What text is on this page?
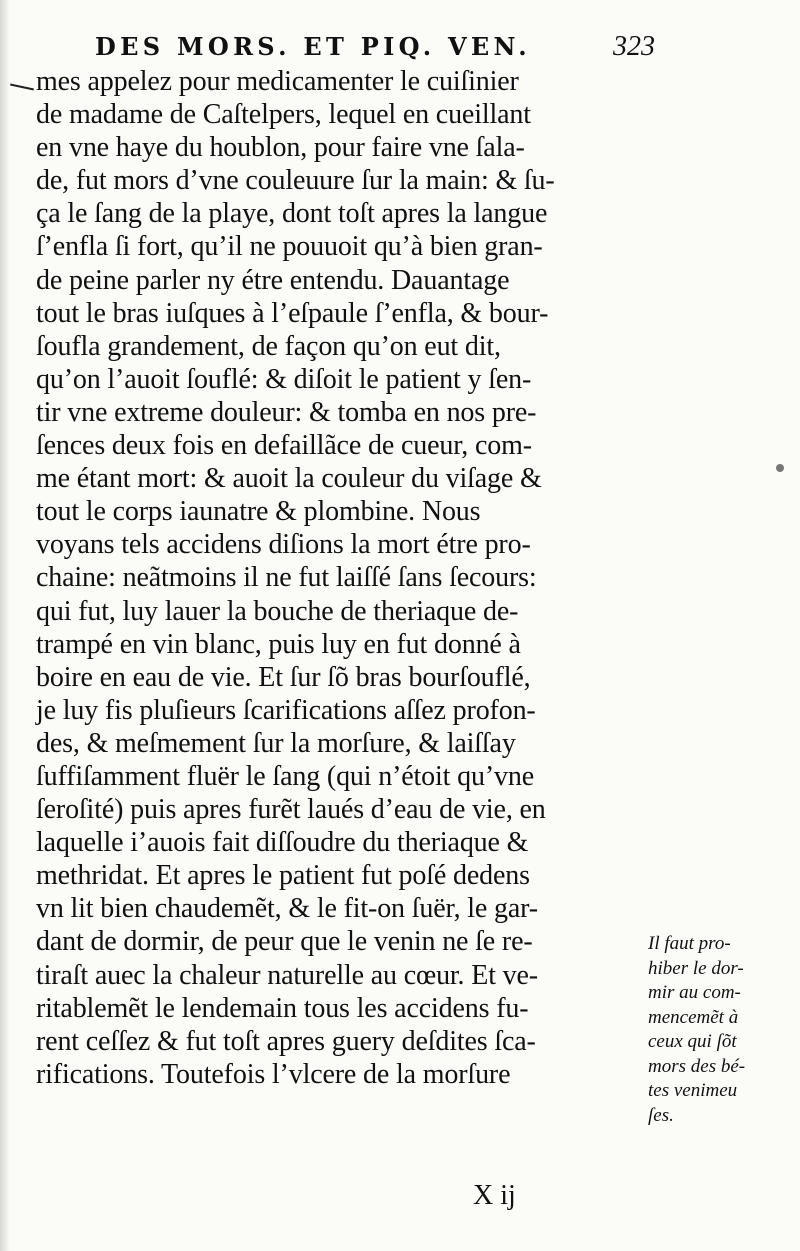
DES MORS. ET PIQ. VEN.	323
mes appelez pour medicamenter le cuiſinier
de madame de Caſtelpers, lequel en cueillant
en vne haye du houblon, pour faire vne ſala-
de, fut mors d’vne couleuure ſur la main: & ſu-
ça le ſang de la playe, dont toſt apres la langue
ſ’enfla ſi fort, qu’il ne pouuoit qu’à bien gran-
de peine parler ny étre entendu. Dauantage
tout le bras iuſques à l’eſpaule ſ’enfla, & bour-
ſoufla grandement, de façon qu’on eut dit,
qu’on l’auoit ſouflé: & diſoit le patient y ſen-
tir vne extreme douleur: & tomba en nos pre-
ſences deux fois en defaillãce de cueur, com-
me étant mort: & auoit la couleur du viſage &
tout le corps iaunatre & plombine. Nous
voyans tels accidens diſions la mort étre pro-
chaine: neãtmoins il ne fut laiſſé ſans ſecours:
qui fut, luy lauer la bouche de theriaque de-
trampé en vin blanc, puis luy en fut donné à
boire en eau de vie. Et ſur ſõ bras bourſouflé,
je luy fis pluſieurs ſcarifications aſſez profon-
des, & meſmement ſur la morſure, & laiſſay
ſuffiſamment fluër le ſang (qui n’étoit qu’vne
ſeroſité) puis apres furẽt laués d’eau de vie, en
laquelle i’auois fait diſſoudre du theriaque &
methridat. Et apres le patient fut poſé dedens
vn lit bien chaudemẽt, & le fit-on ſuër, le gar-
dant de dormir, de peur que le venin ne ſe re-
tiraſt auec la chaleur naturelle au cœur. Et ve-
ritablemẽt le lendemain tous les accidens fu-
rent ceſſez & fut toſt apres guery deſdites ſca-
rifications. Toutefois l’vlcere de la morſure
Il faut pro-
hiber le dor-
mir au com-
mencemẽt à
ceux qui ſõt
mors des bé-
tes venimeu
ſes.
X ij
